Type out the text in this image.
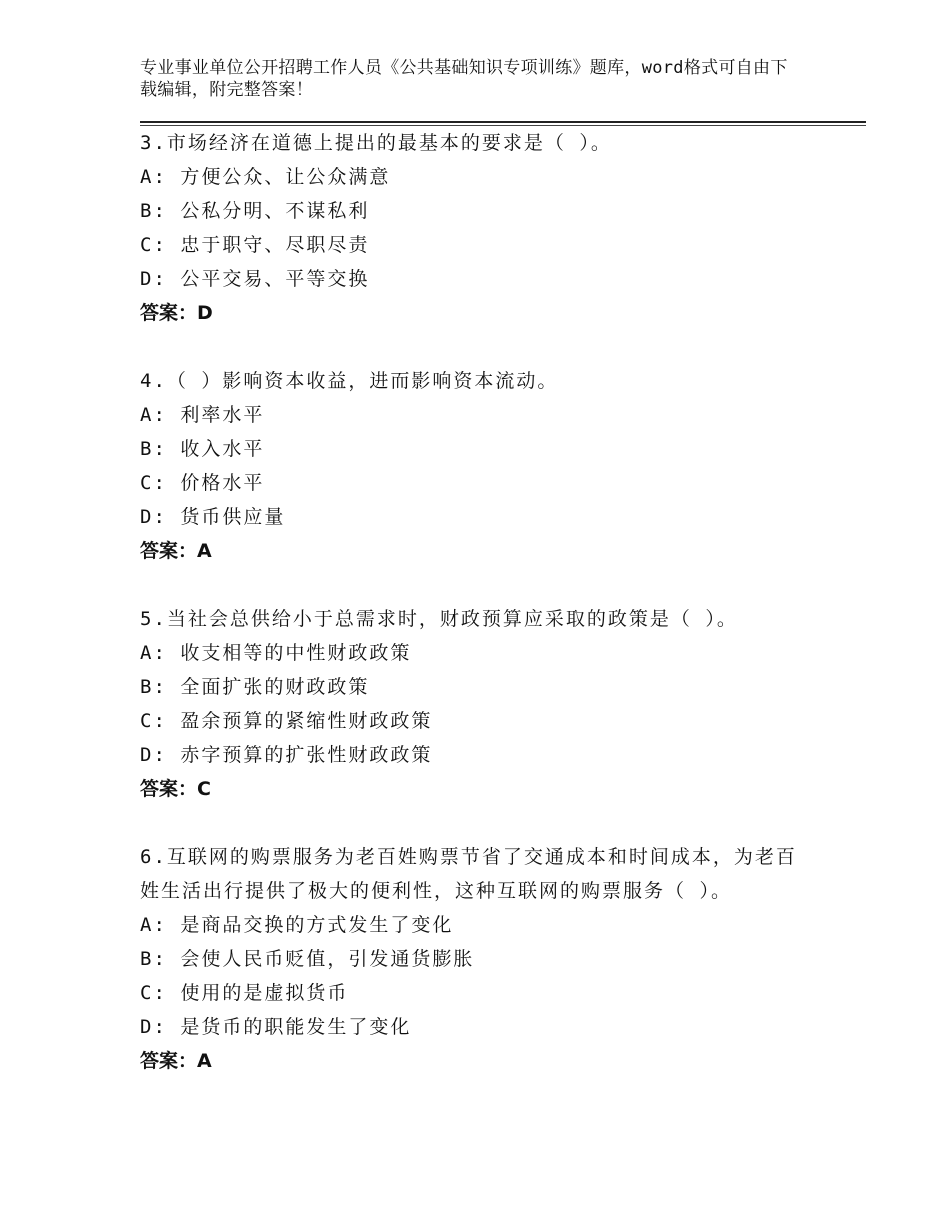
专业事业单位公开招聘工作人员《公共基础知识专项训练》题库，word格式可自由下载编辑，附完整答案！

3.市场经济在道德上提出的最基本的要求是（ ）。

A: 方便公众、让公众满意

B: 公私分明、不谋私利

C: 忠于职守、尽职尽责

D: 公平交易、平等交换

答案：D

4.（ ）影响资本收益，进而影响资本流动。

A: 利率水平

B: 收入水平

C: 价格水平

D: 货币供应量

答案：A

5.当社会总供给小于总需求时，财政预算应采取的政策是（ ）。

A: 收支相等的中性财政政策

B: 全面扩张的财政政策

C: 盈余预算的紧缩性财政政策

D: 赤字预算的扩张性财政政策

答案：C

6.互联网的购票服务为老百姓购票节省了交通成本和时间成本，为老百姓生活出行提供了极大的便利性，这种互联网的购票服务（ ）。

A: 是商品交换的方式发生了变化

B: 会使人民币贬值，引发通货膨胀

C: 使用的是虚拟货币

D: 是货币的职能发生了变化

答案：A
